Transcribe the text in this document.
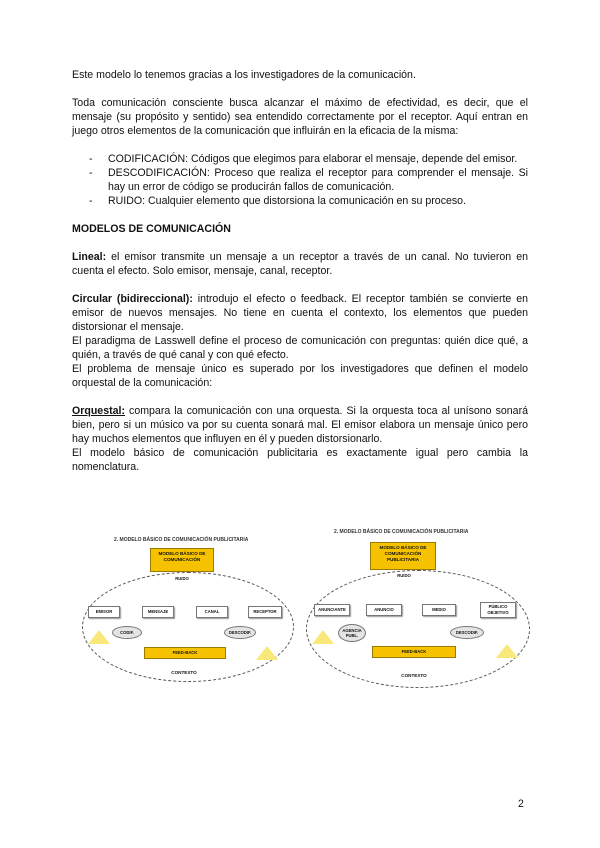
Este modelo lo tenemos gracias a los investigadores de la comunicación.

Toda comunicación consciente busca alcanzar el máximo de efectividad, es decir, que el mensaje (su propósito y sentido) sea entendido correctamente por el receptor. Aquí entran en juego otros elementos de la comunicación que influirán en la eficacia de la misma:

- CODIFICACIÓN: Códigos que elegimos para elaborar el mensaje, depende del emisor.
- DESCODIFICACIÓN: Proceso que realiza el receptor para comprender el mensaje. Si hay un error de código se producirán fallos de comunicación.
- RUIDO: Cualquier elemento que distorsiona la comunicación en su proceso.

MODELOS DE COMUNICACIÓN

Lineal: el emisor transmite un mensaje a un receptor a través de un canal. No tuvieron en cuenta el efecto. Solo emisor, mensaje, canal, receptor.

Circular (bidireccional): introdujo el efecto o feedback. El receptor también se convierte en emisor de nuevos mensajes. No tiene en cuenta el contexto, los elementos que pueden distorsionar el mensaje.

El paradigma de Lasswell define el proceso de comunicación con preguntas: quién dice qué, a quién, a través de qué canal y con qué efecto.

El problema de mensaje único es superado por los investigadores que definen el modelo orquestal de la comunicación:

Orquestal: compara la comunicación con una orquesta. Si la orquesta toca al unísono sonará bien, pero si un músico va por su cuenta sonará mal. El emisor elabora un mensaje único pero hay muchos elementos que influyen en él y pueden distorsionarlo.

El modelo básico de comunicación publicitaria es exactamente igual pero cambia la nomenclatura.

2. MODELO BÁSICO DE COMUNICACIÓN PUBLICITARIA
MODELO BÁSICO DE COMUNICACIÓN
RUIDO
EMISOR	MENSAJE	CANAL	RECEPTOR
CODIF.	DESCODIF.
FEED-BACK
CONTEXTO
2. MODELO BÁSICO DE COMUNICACIÓN PUBLICITARIA
MODELO BÁSICO DE COMUNICACIÓN PUBLICITARIA
RUIDO
ANUNCIANTE	ANUNCIO	MEDIO
PÚBLICO OBJETIVO
AGENCIA PUBL.
DESCODIF.
FEED-BACK
CONTEXTO
2
